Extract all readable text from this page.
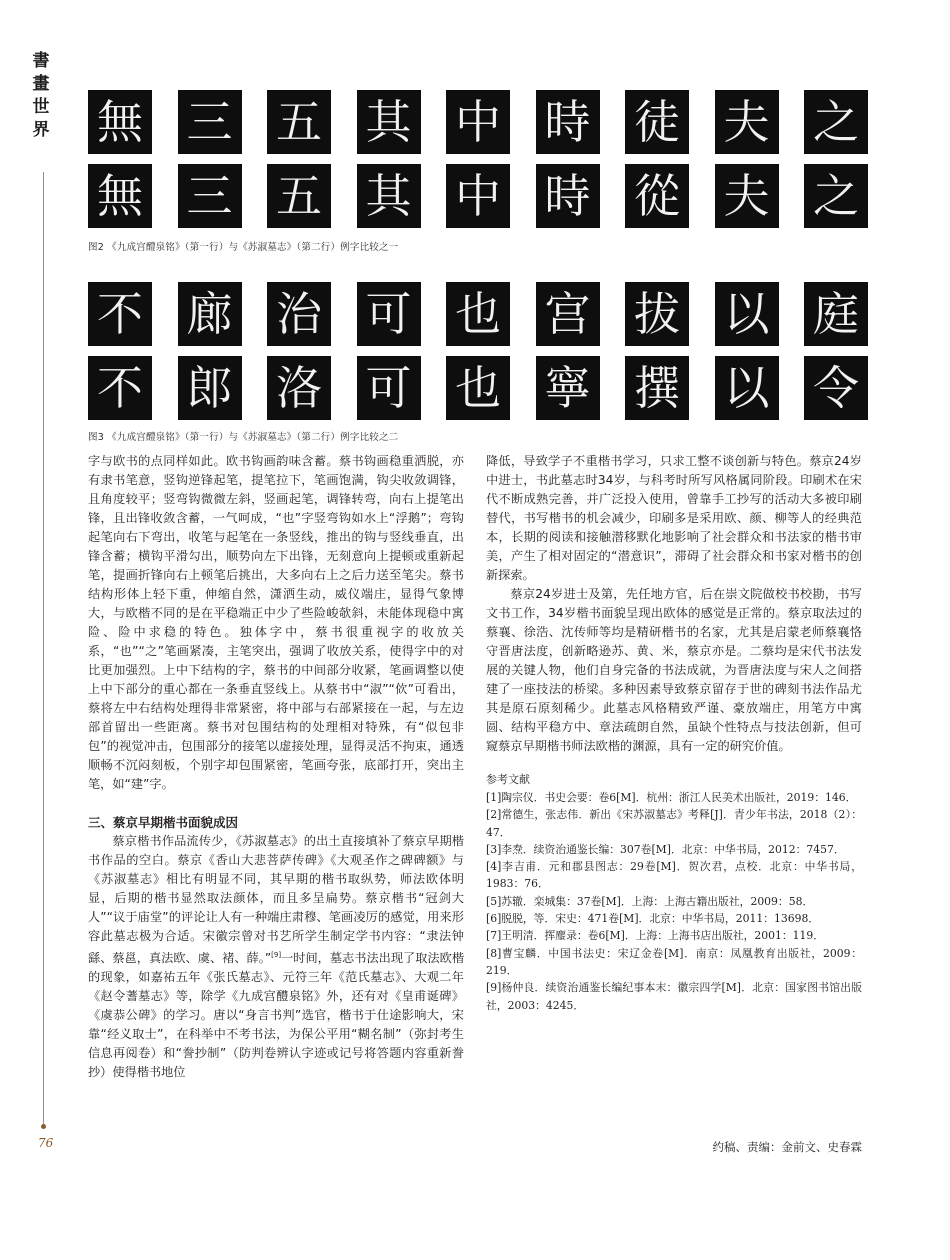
書
畫
世
界
76
無 三 五 其 中 時 徒 夫 之
無 三 五 其 中 時 從 夫 之
图2 《九成宫醴泉铭》（第一行）与《苏淑墓志》（第二行）例字比较之一
不 廊 治 可 也 宫 拔 以 庭
不 郎 洛 可 也 寧 撰 以 令
图3 《九成宫醴泉铭》（第一行）与《苏淑墓志》（第二行）例字比较之二

字与欧书的点同样如此。欧书钩画韵味含蓄。蔡书钩画稳重洒脱，亦有隶书笔意，竖钩逆锋起笔，提笔拉下，笔画饱满，钩尖收敛调锋，且角度较平；竖弯钩微微左斜，竖画起笔，调锋转弯，向右上提笔出锋，且出锋收敛含蓄，一气呵成，“也”字竖弯钩如水上“浮鹅”；弯钩起笔向右下弯出，收笔与起笔在一条竖线，推出的钩与竖线垂直，出锋含蓄；横钩平滑勾出，顺势向左下出锋，无刻意向上提顿或重新起笔，提画折锋向右上顿笔后挑出，大多向右上之后力送至笔尖。蔡书结构形体上轻下重，伸缩自然，潇洒生动，威仪端庄，显得气象博大，与欧楷不同的是在平稳端正中少了些险峻欹斜，未能体现稳中寓险、险中求稳的特色。独体字中，蔡书很重视字的收放关系，“也”“之”笔画紧凑，主笔突出，强调了收放关系，使得字中的对比更加强烈。上中下结构的字，蔡书的中间部分收紧，笔画调整以使上中下部分的重心都在一条垂直竖线上。从蔡书中“淑”“佽”可看出，蔡将左中右结构处理得非常紧密，将中部与右部紧接在一起，与左边部首留出一些距离。蔡书对包围结构的处理相对特殊，有“似包非包”的视觉冲击，包围部分的接笔以虚接处理，显得灵活不拘束，通透顺畅不沉闷刻板，个别字却包围紧密，笔画夸张，底部打开，突出主笔，如“建”字。

三、蔡京早期楷书面貌成因

蔡京楷书作品流传少，《苏淑墓志》的出土直接填补了蔡京早期楷书作品的空白。蔡京《香山大悲菩萨传碑》《大观圣作之碑碑额》与《苏淑墓志》相比有明显不同，其早期的楷书取纵势，师法欧体明显，后期的楷书显然取法颜体，而且多呈扁势。蔡京楷书“冠剑大人”“议于庙堂”的评论让人有一种端庄肃穆、笔画凌厉的感觉，用来形容此墓志极为合适。宋徽宗曾对书艺所学生制定学书内容：“隶法钟繇、蔡邕，真法欧、虞、褚、薛。”[9]一时间，墓志书法出现了取法欧楷的现象，如嘉祐五年《张氏墓志》、元符三年《范氏墓志》、大观二年《赵令蓍墓志》等，除学《九成宫醴泉铭》外，还有对《皇甫诞碑》《虞恭公碑》的学习。唐以“身言书判”选官，楷书于仕途影响大，宋靠“经义取士”，在科举中不考书法，为保公平用“糊名制”（弥封考生信息再阅卷）和“誊抄制”（防判卷辨认字迹或记号将答题内容重新誊抄）使得楷书地位

降低，导致学子不重楷书学习，只求工整不谈创新与特色。蔡京24岁中进士，书此墓志时34岁，与科考时所写风格属同阶段。印刷术在宋代不断成熟完善，并广泛投入使用，曾靠手工抄写的活动大多被印刷替代，书写楷书的机会减少，印刷多是采用欧、颜、柳等人的经典范本，长期的阅读和接触潜移默化地影响了社会群众和书法家的楷书审美，产生了相对固定的“潜意识”，滞碍了社会群众和书家对楷书的创新探索。

蔡京24岁进士及第，先任地方官，后在崇文院做校书校勘，书写文书工作，34岁楷书面貌呈现出欧体的感觉是正常的。蔡京取法过的蔡襄、徐浩、沈传师等均是精研楷书的名家，尤其是启蒙老师蔡襄恪守晋唐法度，创新略逊苏、黄、米，蔡京亦是。二蔡均是宋代书法发展的关键人物，他们自身完备的书法成就，为晋唐法度与宋人之间搭建了一座技法的桥梁。多种因素导致蔡京留存于世的碑刻书法作品尤其是原石原刻稀少。此墓志风格精致严谨、豪放端庄，用笔方中寓圆、结构平稳方中、章法疏朗自然，虽缺个性特点与技法创新，但可窥蔡京早期楷书师法欧楷的渊源，具有一定的研究价值。

参考文献
[1]陶宗仪．书史会要：卷6[M]．杭州：浙江人民美术出版社，2019：146．
[2]常德生，张志伟．新出《宋苏淑墓志》考释[J]．青少年书法，2018（2）：47．
[3]李焘．续资治通鉴长编：307卷[M]．北京：中华书局，2012：7457．
[4]李吉甫．元和郡县图志：29卷[M]．贺次君，点校．北京：中华书局，1983：76．
[5]苏辙．栾城集：37卷[M]．上海：上海古籍出版社，2009：58．
[6]脱脱，等．宋史：471卷[M]．北京：中华书局，2011：13698．
[7]王明清．挥麈录：卷6[M]．上海：上海书店出版社，2001：119．
[8]曹宝麟．中国书法史：宋辽金卷[M]．南京：凤凰教育出版社，2009：219．
[9]杨仲良．续资治通鉴长编纪事本末：徽宗四学[M]．北京：国家图书馆出版社，2003：4245．
约稿、责编：金前文、史春霖
